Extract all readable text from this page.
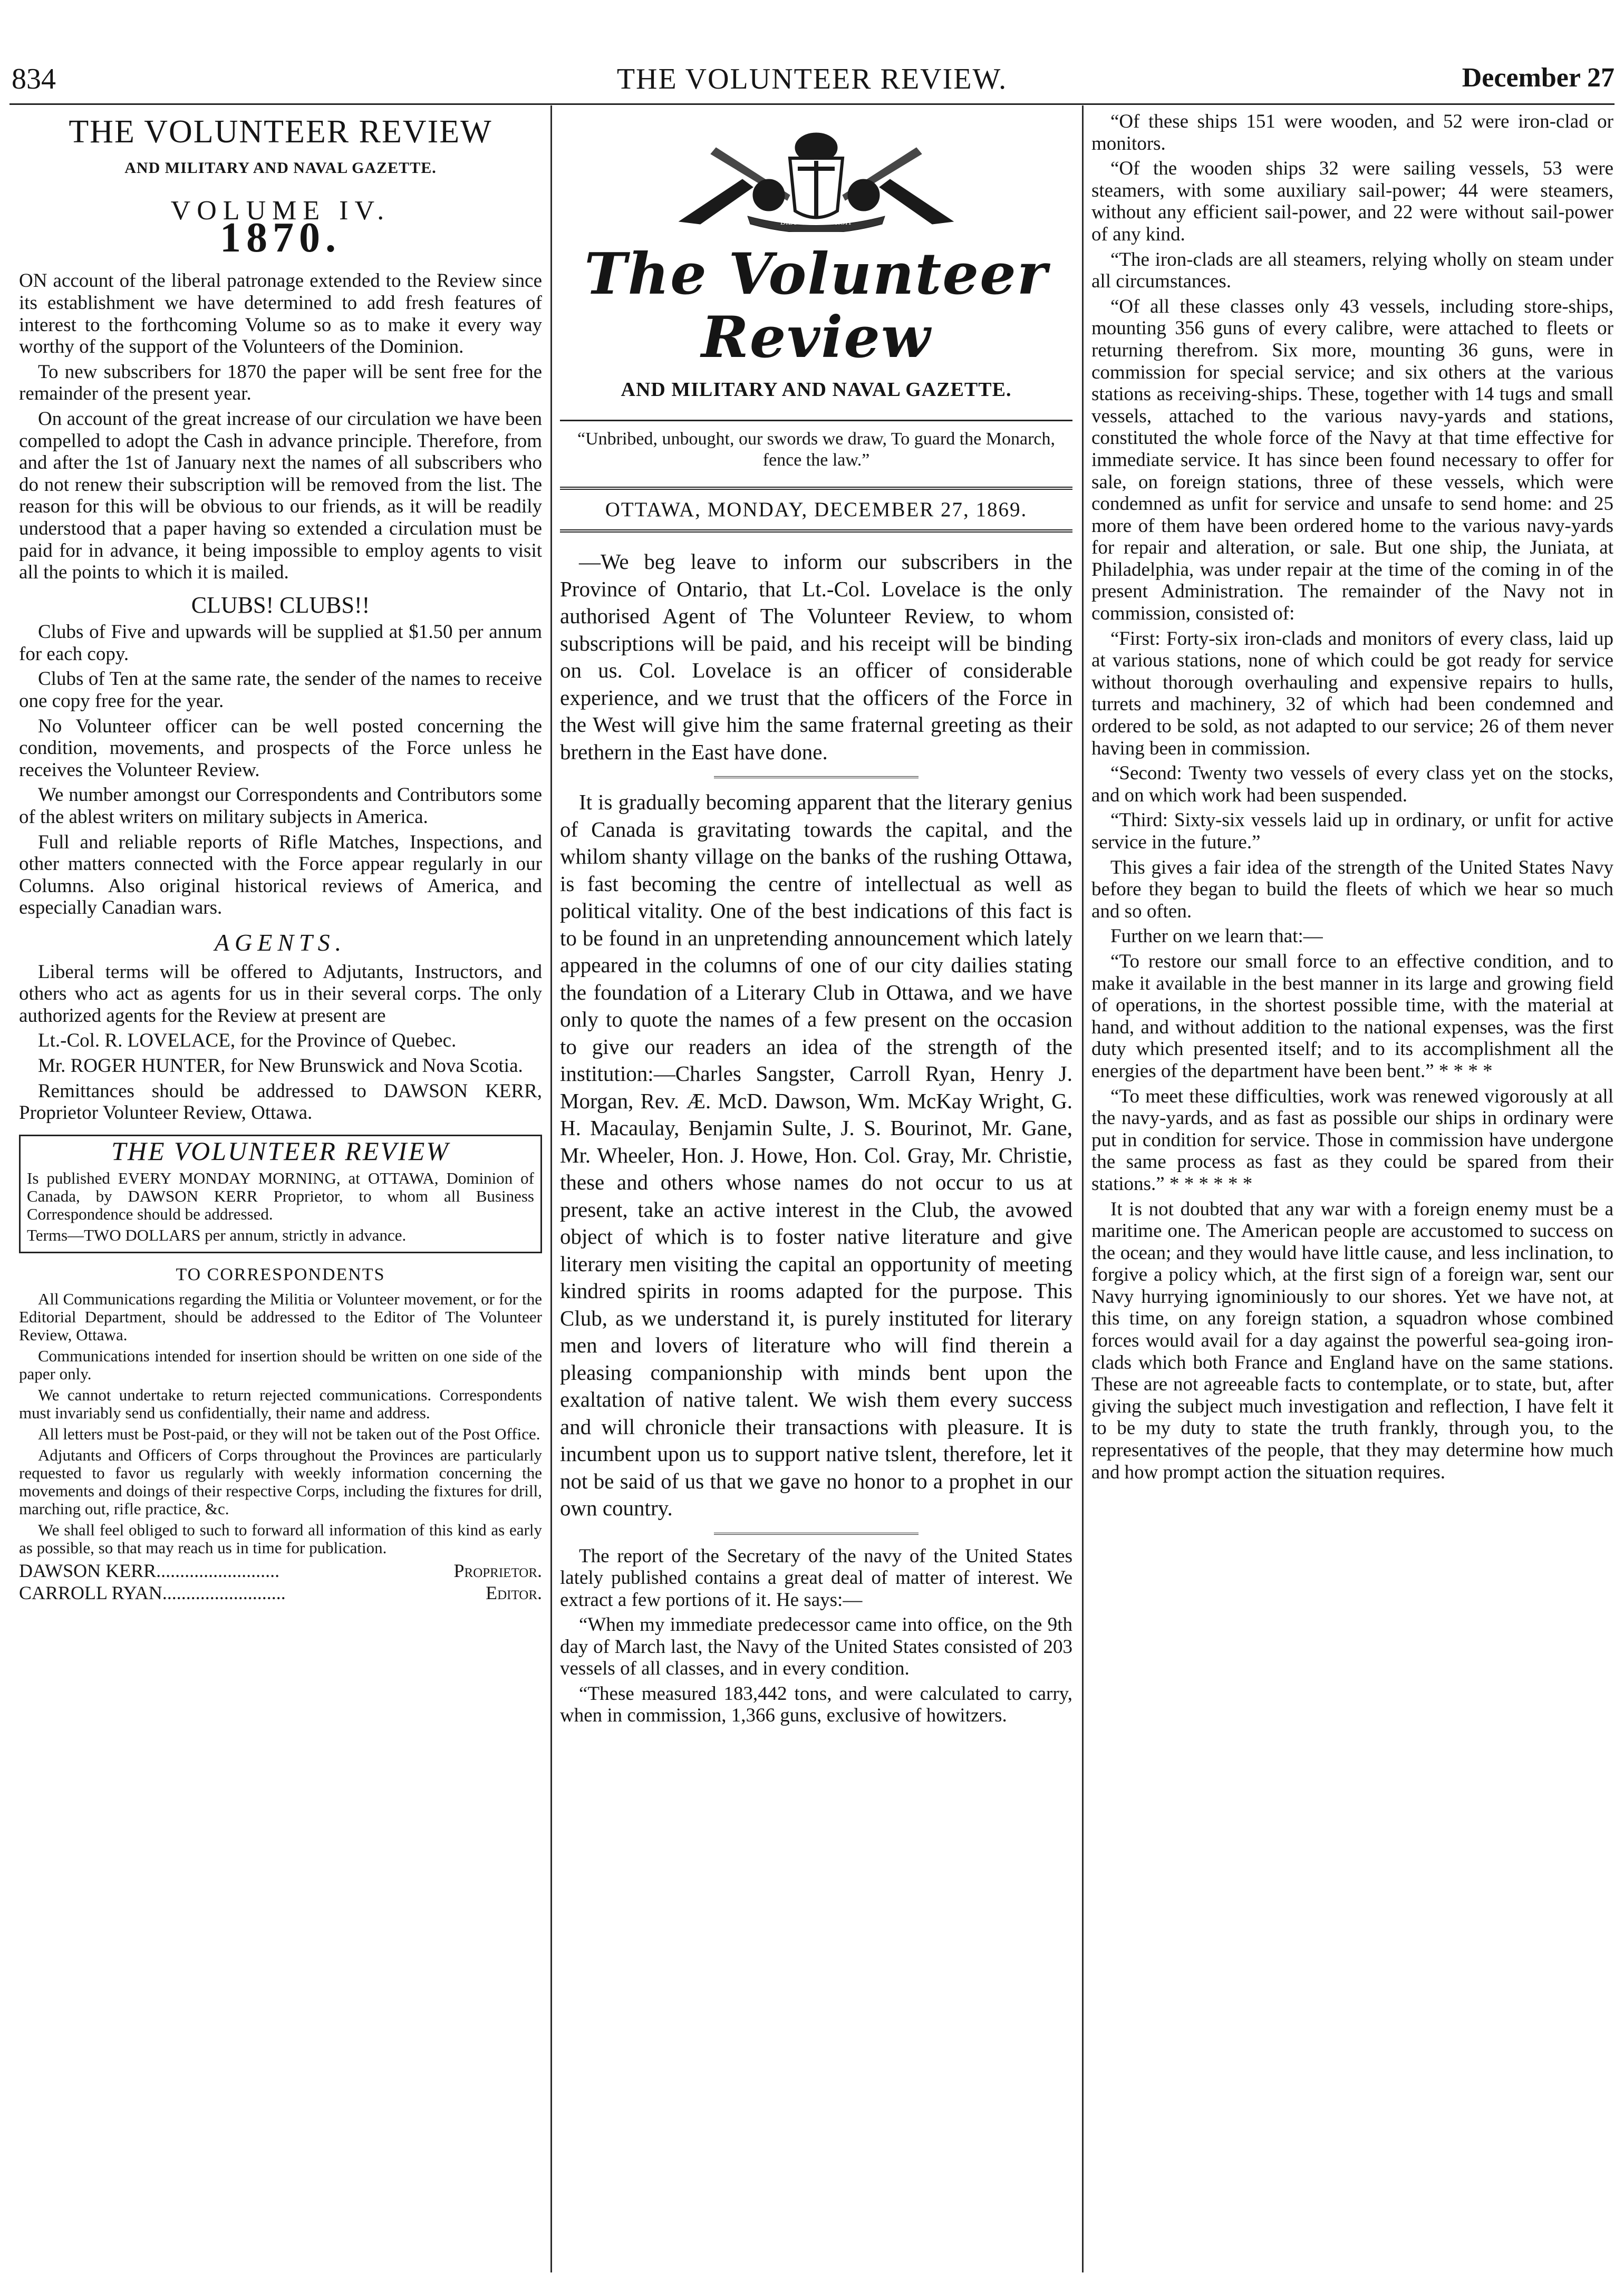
834	THE VOLUNTEER REVIEW.	December 27
THE VOLUNTEER REVIEW
AND MILITARY AND NAVAL GAZETTE.
VOLUME IV.
1870.

ON account of the liberal patronage extended to the Review since its establishment we have determined to add fresh features of interest to the forthcoming Volume so as to make it every way worthy of the support of the Volunteers of the Dominion.

To new subscribers for 1870 the paper will be sent free for the remainder of the present year.

On account of the great increase of our circulation we have been compelled to adopt the Cash in advance principle. Therefore, from and after the 1st of January next the names of all subscribers who do not renew their subscription will be removed from the list. The reason for this will be obvious to our friends, as it will be readily understood that a paper having so extended a circulation must be paid for in advance, it being impossible to employ agents to visit all the points to which it is mailed.

CLUBS! CLUBS!!

Clubs of Five and upwards will be supplied at $1.50 per annum for each copy.

Clubs of Ten at the same rate, the sender of the names to receive one copy free for the year.

No Volunteer officer can be well posted concerning the condition, movements, and prospects of the Force unless he receives the Volunteer Review.

We number amongst our Correspondents and Contributors some of the ablest writers on military subjects in America.

Full and reliable reports of Rifle Matches, Inspections, and other matters connected with the Force appear regularly in our Columns. Also original historical reviews of America, and especially Canadian wars.

AGENTS.

Liberal terms will be offered to Adjutants, Instructors, and others who act as agents for us in their several corps. The only authorized agents for the Review at present are

Lt.-Col. R. LOVELACE, for the Province of Quebec.

Mr. ROGER HUNTER, for New Brunswick and Nova Scotia.

Remittances should be addressed to DAWSON KERR, Proprietor Volunteer Review, Ottawa.

THE VOLUNTEER REVIEW

Is published EVERY MONDAY MORNING, at OTTAWA, Dominion of Canada, by DAWSON KERR Proprietor, to whom all Business Correspondence should be addressed.

Terms—TWO DOLLARS per annum, strictly in advance.

TO CORRESPONDENTS

All Communications regarding the Militia or Volunteer movement, or for the Editorial Department, should be addressed to the Editor of The Volunteer Review, Ottawa.

Communications intended for insertion should be written on one side of the paper only.

We cannot undertake to return rejected communications. Correspondents must invariably send us confidentially, their name and address.

All letters must be Post-paid, or they will not be taken out of the Post Office.

Adjutants and Officers of Corps throughout the Provinces are particularly requested to favor us regularly with weekly information concerning the movements and doings of their respective Corps, including the fixtures for drill, marching out, rifle practice, &c.

We shall feel obliged to such to forward all information of this kind as early as possible, so that may reach us in time for publication.

DAWSON KERR..........................	Proprietor.
CARROLL RYAN..........................	Editor.
DIEU ET MON DROIT
The Volunteer Review
AND MILITARY AND NAVAL GAZETTE.
“Unbribed, unbought, our swords we draw, To guard the Monarch, fence the law.”
OTTAWA, MONDAY, DECEMBER 27, 1869.

—We beg leave to inform our subscribers in the Province of Ontario, that Lt.-Col. Lovelace is the only authorised Agent of The Volunteer Review, to whom subscriptions will be paid, and his receipt will be binding on us. Col. Lovelace is an officer of considerable experience, and we trust that the officers of the Force in the West will give him the same fraternal greeting as their brethern in the East have done.

It is gradually becoming apparent that the literary genius of Canada is gravitating towards the capital, and the whilom shanty village on the banks of the rushing Ottawa, is fast becoming the centre of intellectual as well as political vitality. One of the best indications of this fact is to be found in an unpretending announcement which lately appeared in the columns of one of our city dailies stating the foundation of a Literary Club in Ottawa, and we have only to quote the names of a few present on the occasion to give our readers an idea of the strength of the institution:—Charles Sangster, Carroll Ryan, Henry J. Morgan, Rev. Æ. McD. Dawson, Wm. McKay Wright, G. H. Macaulay, Benjamin Sulte, J. S. Bourinot, Mr. Gane, Mr. Wheeler, Hon. J. Howe, Hon. Col. Gray, Mr. Christie, these and others whose names do not occur to us at present, take an active interest in the Club, the avowed object of which is to foster native literature and give literary men visiting the capital an opportunity of meeting kindred spirits in rooms adapted for the purpose. This Club, as we understand it, is purely instituted for literary men and lovers of literature who will find therein a pleasing companionship with minds bent upon the exaltation of native talent. We wish them every success and will chronicle their transactions with pleasure. It is incumbent upon us to support native tslent, therefore, let it not be said of us that we gave no honor to a prophet in our own country.

The report of the Secretary of the navy of the United States lately published contains a great deal of matter of interest. We extract a few portions of it. He says:—

“When my immediate predecessor came into office, on the 9th day of March last, the Navy of the United States consisted of 203 vessels of all classes, and in every condition.

“These measured 183,442 tons, and were calculated to carry, when in commission, 1,366 guns, exclusive of howitzers.

“Of these ships 151 were wooden, and 52 were iron-clad or monitors.

“Of the wooden ships 32 were sailing vessels, 53 were steamers, with some auxiliary sail-power; 44 were steamers, without any efficient sail-power, and 22 were without sail-power of any kind.

“The iron-clads are all steamers, relying wholly on steam under all circumstances.

“Of all these classes only 43 vessels, including store-ships, mounting 356 guns of every calibre, were attached to fleets or returning therefrom. Six more, mounting 36 guns, were in commission for special service; and six others at the various stations as receiving-ships. These, together with 14 tugs and small vessels, attached to the various navy-yards and stations, constituted the whole force of the Navy at that time effective for immediate service. It has since been found necessary to offer for sale, on foreign stations, three of these vessels, which were condemned as unfit for service and unsafe to send home: and 25 more of them have been ordered home to the various navy-yards for repair and alteration, or sale. But one ship, the Juniata, at Philadelphia, was under repair at the time of the coming in of the present Administration. The remainder of the Navy not in commission, consisted of:

“First: Forty-six iron-clads and monitors of every class, laid up at various stations, none of which could be got ready for service without thorough overhauling and expensive repairs to hulls, turrets and machinery, 32 of which had been condemned and ordered to be sold, as not adapted to our service; 26 of them never having been in commission.

“Second: Twenty two vessels of every class yet on the stocks, and on which work had been suspended.

“Third: Sixty-six vessels laid up in ordinary, or unfit for active service in the future.”

This gives a fair idea of the strength of the United States Navy before they began to build the fleets of which we hear so much and so often.

Further on we learn that:—

“To restore our small force to an effective condition, and to make it available in the best manner in its large and growing field of operations, in the shortest possible time, with the material at hand, and without addition to the national expenses, was the first duty which presented itself; and to its accomplishment all the energies of the department have been bent.” * * * *

“To meet these difficulties, work was renewed vigorously at all the navy-yards, and as fast as possible our ships in ordinary were put in condition for service. Those in commission have undergone the same process as fast as they could be spared from their stations.” * * * * * *

It is not doubted that any war with a foreign enemy must be a maritime one. The American people are accustomed to success on the ocean; and they would have little cause, and less inclination, to forgive a policy which, at the first sign of a foreign war, sent our Navy hurrying ignominiously to our shores. Yet we have not, at this time, on any foreign station, a squadron whose combined forces would avail for a day against the powerful sea-going iron-clads which both France and England have on the same stations. These are not agreeable facts to contemplate, or to state, but, after giving the subject much investigation and reflection, I have felt it to be my duty to state the truth frankly, through you, to the representatives of the people, that they may determine how much and how prompt action the situation requires.
